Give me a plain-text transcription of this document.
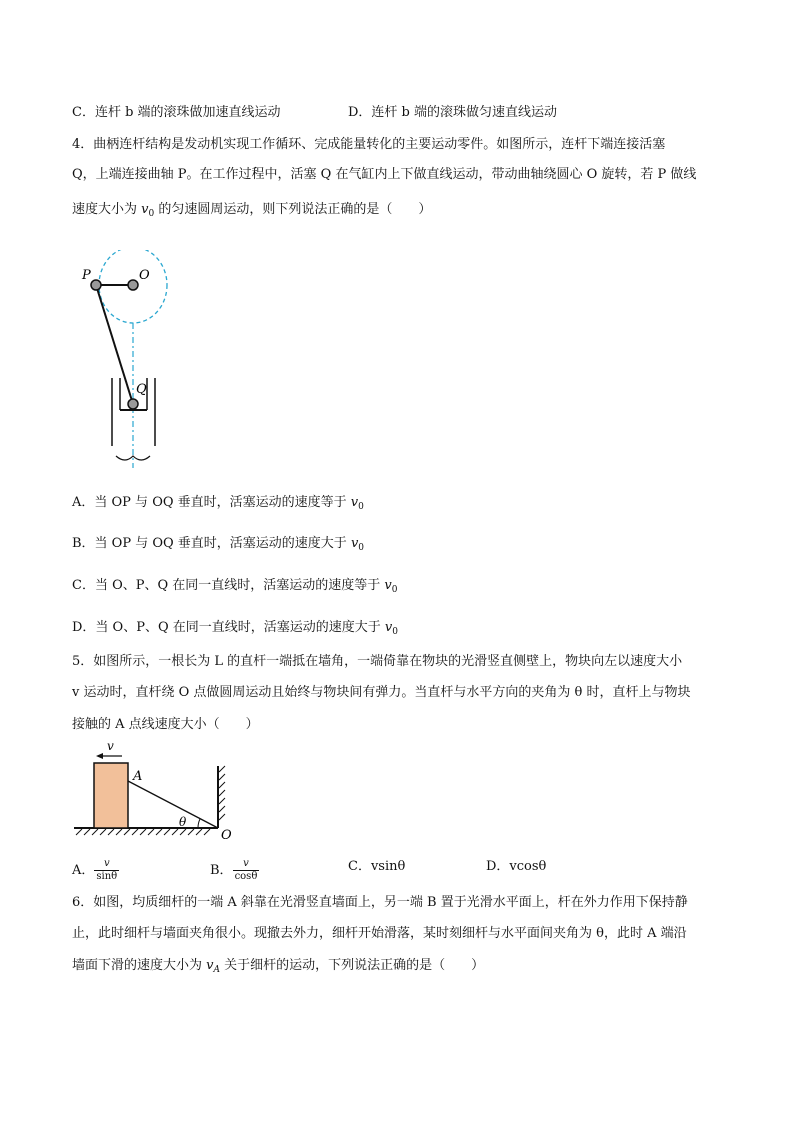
C．连杆 b 端的滚珠做加速直线运动	D．连杆 b 端的滚珠做匀速直线运动
4．曲柄连杆结构是发动机实现工作循环、完成能量转化的主要运动零件。如图所示，连杆下端连接活塞
Q，上端连接曲轴 P。在工作过程中，活塞 Q 在气缸内上下做直线运动，带动曲轴绕圆心 O 旋转，若 P 做线
速度大小为 $v_0$ 的匀速圆周运动，则下列说法正确的是（　　）
P	O
Q
A．当 OP 与 OQ 垂直时，活塞运动的速度等于 $v_0$
B．当 OP 与 OQ 垂直时，活塞运动的速度大于 $v_0$
C．当 O、P、Q 在同一直线时，活塞运动的速度等于 $v_0$
D．当 O、P、Q 在同一直线时，活塞运动的速度大于 $v_0$
5．如图所示，一根长为 L 的直杆一端抵在墙角，一端倚靠在物块的光滑竖直侧壁上，物块向左以速度大小
v 运动时，直杆绕 O 点做圆周运动且始终与物块间有弹力。当直杆与水平方向的夹角为 θ 时，直杆上与物块
接触的 A 点线速度大小（　　）
v
A
θ
O
A． $\frac{v}{\sin\theta}$	B． $\frac{v}{\cos\theta}$	C．vsinθ	D．vcosθ
6．如图，均质细杆的一端 A 斜靠在光滑竖直墙面上，另一端 B 置于光滑水平面上，杆在外力作用下保持静
止，此时细杆与墙面夹角很小。现撤去外力，细杆开始滑落，某时刻细杆与水平面间夹角为 θ，此时 A 端沿
墙面下滑的速度大小为 $v_A$ 关于细杆的运动，下列说法正确的是（　　）
